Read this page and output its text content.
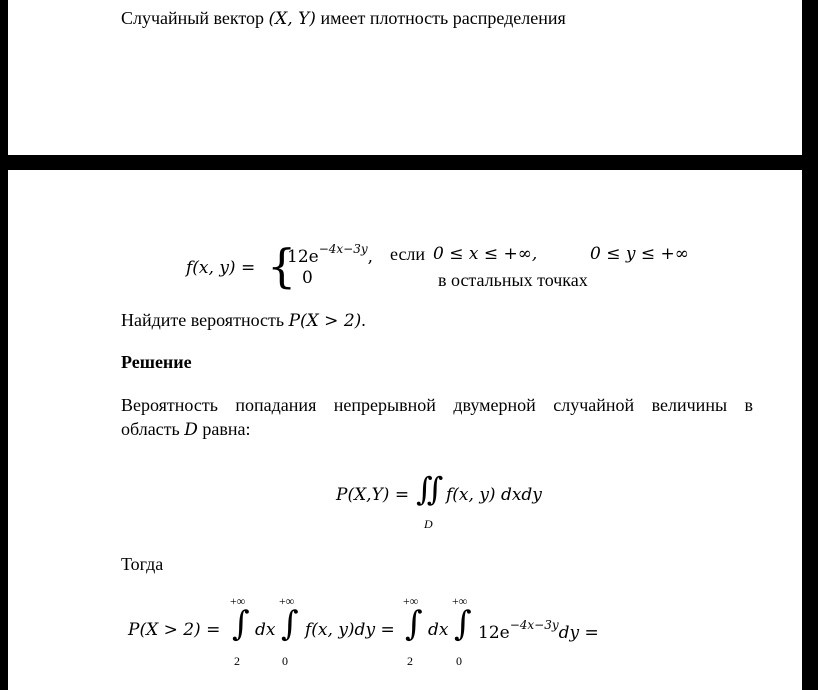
Случайный вектор (X, Y) имеет плотность распределения
f(x, y) = {
$12e^{-4x-3y}$, если 0 ≤ x ≤ +∞,	0 ≤ y ≤ +∞
0	в остальных точках
Найдите вероятность P(X > 2).
Решение
Вероятность попадания непрерывной двумерной случайной величины в
область D равна:
P(X,Y) = ∬
D
f(x, y) dxdy
Тогда
P(X > 2) =
+∞
∫
2
dx
+∞
∫
0
f(x, y)dy =
+∞
∫
2
dx
+∞
∫
0
$12e^{-4x-3y}dy$ =
